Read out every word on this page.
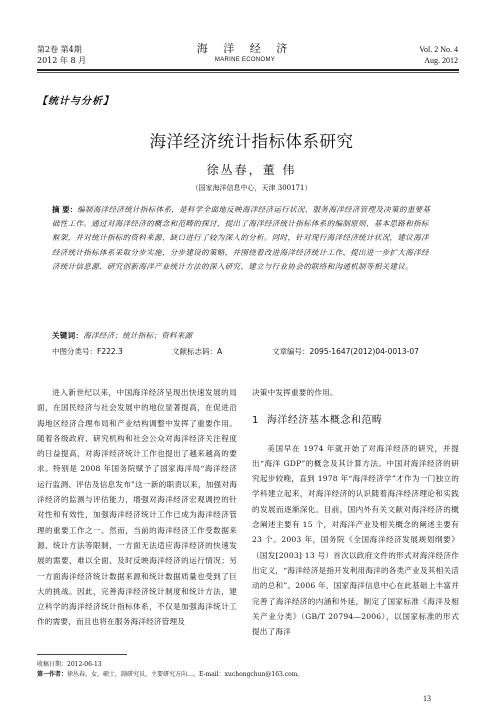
第2卷 第4期
2012 年 8 月
海 洋 经 济
MARINE ECONOMY
Vol. 2 No. 4
Aug. 2012
【统计与分析】
海洋经济统计指标体系研究
徐丛春，董 伟
（国家海洋信息中心，天津 300171）
摘 要：编制海洋经济统计指标体系，是科学全面地反映海洋经济运行状况、服务海洋经济管理及决策的重要基础性工作。通过对海洋经济的概念和范畴的探讨，提出了海洋经济统计指标体系的编制原则、基本思路和指标框架，并对统计指标的资料来源、缺口进行了较为深入的分析。同时，针对现行海洋经济统计状况，建议海洋经济统计指标体系采取分步实施、分步建设的策略，并围绕着改进海洋经济统计工作、提出进一步扩大海洋经济统计信息源、研究创新海洋产业统计方法的深入研究、建立与行业协会的联络和沟通机制等相关建议。
关键词：海洋经济；统计指标；资料来源
中图分类号：F222.3	文献标志码：A	文章编号：2095-1647(2012)04-0013-07

进入新世纪以来，中国海洋经济呈现出快速发展的局面，在国民经济与社会发展中的地位显著提高，在促进沿海地区经济合理布局和产业结构调整中发挥了重要作用。随着各级政府、研究机构和社会公众对海洋经济关注程度的日益提高，对海洋经济统计工作也提出了越来越高的要求。特别是 2008 年国务院赋予了国家海洋局“海洋经济运行监测、评估及信息发布”这一新的职责以来，加强对海洋经济的监测与评估能力，增强对海洋经济宏观调控的针对性和有效性，加强海洋经济统计工作已成为海洋经济管理的重要工作之一。然而，当前的海洋经济工作受数据来源、统计方法等限制，一方面无法适应海洋经济的快速发展的需要，难以全面、及时反映海洋经济的运行情况；另一方面海洋经济统计数据来源和统计数据质量也受到了巨大的挑战。因此，完善海洋经济统计制度和统计方法，建立科学的海洋经济统计指标体系，不仅是加强海洋统计工作的需要，而且也将在服务海洋经济管理及

决策中发挥重要的作用。
1 海洋经济基本概念和范畴

美国早在 1974 年就开始了对海洋经济的研究，并提出“海洋 GDP”的概念及其计算方法。中国对海洋经济的研究起步较晚，直到 1978 年“海洋经济学”才作为一门独立的学科建立起来，对海洋经济的认识随着海洋经济理论和实践的发展而逐渐深化。目前，国内外有关文献对海洋经济的概念阐述主要有 15 个，对海洋产业及相关概念的阐述主要有 23 个。2003 年，国务院《全国海洋经济发展规划纲要》（国发[2003] 13 号）首次以政府文件的形式对海洋经济作出定义，“海洋经济是指开发利用海洋的各类产业及其相关活动的总和”。2006 年，国家海洋信息中心在此基础上丰富并完善了海洋经济的内涵和外延，制定了国家标准《海洋及相关产业分类》（GB/T 20794—2006），以国家标准的形式提出了海洋

收稿日期：2012-06-13
第一作者：徐丛春，女，硕士，副研究员，主要研究方向…。E-mail：xuchongchun@163.com。
13
